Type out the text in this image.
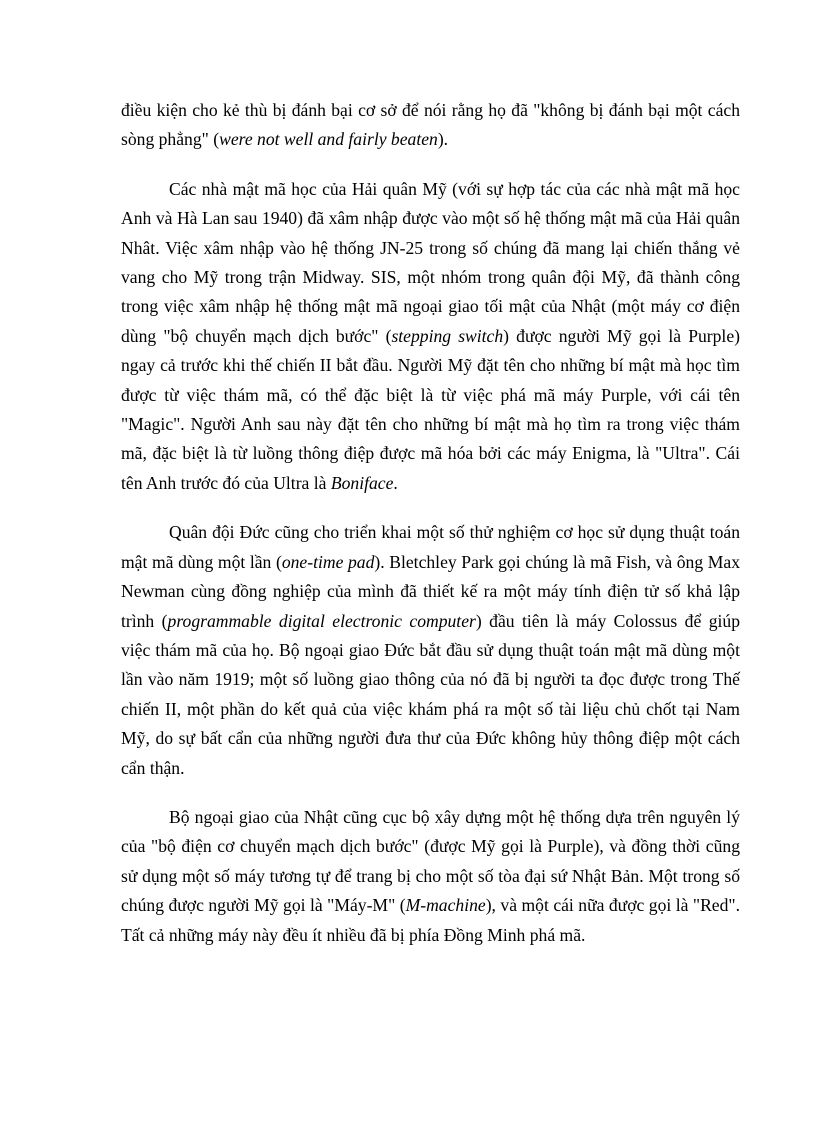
điều kiện cho kẻ thù bị đánh bại cơ sở để nói rằng họ đã "không bị đánh bại một cách sòng phẳng" (were not well and fairly beaten).

Các nhà mật mã học của Hải quân Mỹ (với sự hợp tác của các nhà mật mã học Anh và Hà Lan sau 1940) đã xâm nhập được vào một số hệ thống mật mã của Hải quân Nhât. Việc xâm nhập vào hệ thống JN-25 trong số chúng đã mang lại chiến thắng vẻ vang cho Mỹ trong trận Midway. SIS, một nhóm trong quân đội Mỹ, đã thành công trong việc xâm nhập hệ thống mật mã ngoại giao tối mật của Nhật (một máy cơ điện dùng "bộ chuyển mạch dịch bước" (stepping switch) được người Mỹ gọi là Purple) ngay cả trước khi thế chiến II bắt đầu. Người Mỹ đặt tên cho những bí mật mà học tìm được từ việc thám mã, có thể đặc biệt là từ việc phá mã máy Purple, với cái tên "Magic". Người Anh sau này đặt tên cho những bí mật mà họ tìm ra trong việc thám mã, đặc biệt là từ luồng thông điệp được mã hóa bởi các máy Enigma, là "Ultra". Cái tên Anh trước đó của Ultra là Boniface.

Quân đội Đức cũng cho triển khai một số thử nghiệm cơ học sử dụng thuật toán mật mã dùng một lần (one-time pad). Bletchley Park gọi chúng là mã Fish, và ông Max Newman cùng đồng nghiệp của mình đã thiết kế ra một máy tính điện tử số khả lập trình (programmable digital electronic computer) đầu tiên là máy Colossus để giúp việc thám mã của họ. Bộ ngoại giao Đức bắt đầu sử dụng thuật toán mật mã dùng một lần vào năm 1919; một số luồng giao thông của nó đã bị người ta đọc được trong Thế chiến II, một phần do kết quả của việc khám phá ra một số tài liệu chủ chốt tại Nam Mỹ, do sự bất cẩn của những người đưa thư của Đức không hủy thông điệp một cách cẩn thận.

Bộ ngoại giao của Nhật cũng cục bộ xây dựng một hệ thống dựa trên nguyên lý của "bộ điện cơ chuyển mạch dịch bước" (được Mỹ gọi là Purple), và đồng thời cũng sử dụng một số máy tương tự để trang bị cho một số tòa đại sứ Nhật Bản. Một trong số chúng được người Mỹ gọi là "Máy-M" (M-machine), và một cái nữa được gọi là "Red". Tất cả những máy này đều ít nhiều đã bị phía Đồng Minh phá mã.
